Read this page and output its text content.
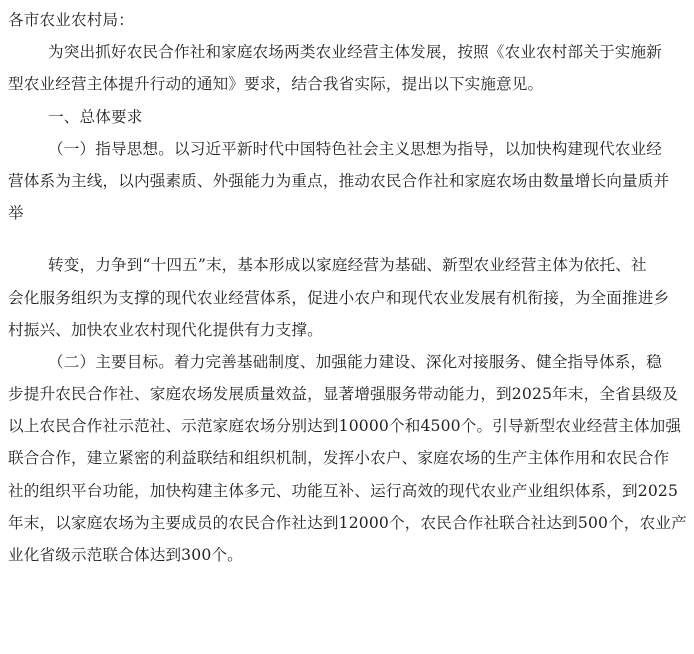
各市农业农村局：
为突出抓好农民合作社和家庭农场两类农业经营主体发展，按照《农业农村部关于实施新
型农业经营主体提升行动的通知》要求，结合我省实际，提出以下实施意见。
一、总体要求
（一）指导思想。以习近平新时代中国特色社会主义思想为指导，以加快构建现代农业经
营体系为主线，以内强素质、外强能力为重点，推动农民合作社和家庭农场由数量增长向量质并
举
转变，力争到“十四五”末，基本形成以家庭经营为基础、新型农业经营主体为依托、社
会化服务组织为支撑的现代农业经营体系，促进小农户和现代农业发展有机衔接，为全面推进乡
村振兴、加快农业农村现代化提供有力支撑。
（二）主要目标。着力完善基础制度、加强能力建设、深化对接服务、健全指导体系，稳
步提升农民合作社、家庭农场发展质量效益，显著增强服务带动能力，到2025年末，全省县级及
以上农民合作社示范社、示范家庭农场分别达到10000个和4500个。引导新型农业经营主体加强
联合合作，建立紧密的利益联结和组织机制，发挥小农户、家庭农场的生产主体作用和农民合作
社的组织平台功能，加快构建主体多元、功能互补、运行高效的现代农业产业组织体系，到2025
年末，以家庭农场为主要成员的农民合作社达到12000个，农民合作社联合社达到500个，农业产
业化省级示范联合体达到300个。
